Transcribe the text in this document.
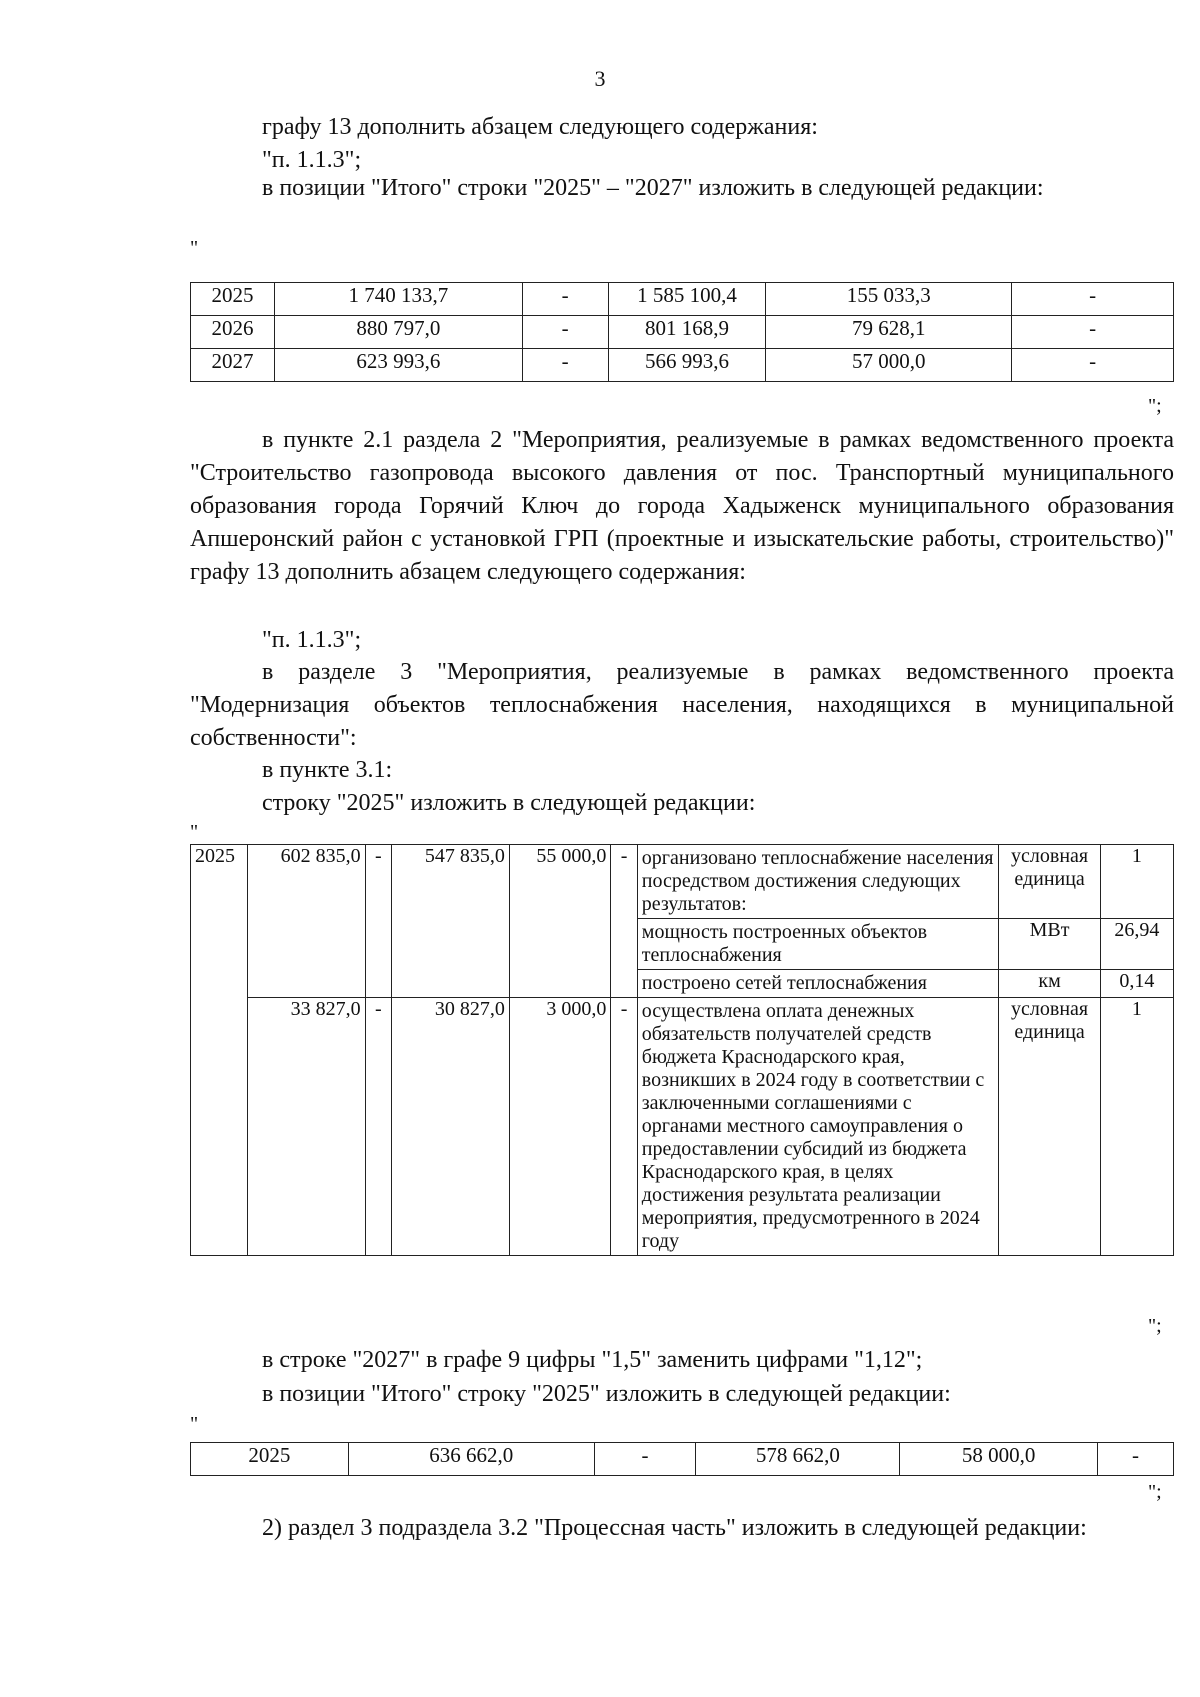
3
графу 13 дополнить абзацем следующего содержания:
"п. 1.1.3";
в позиции "Итого" строки "2025" – "2027" изложить в следующей редакции:
"
2025	1 740 133,7	-	1 585 100,4	155 033,3	-
2026	880 797,0	-	801 168,9	79 628,1	-
2027	623 993,6	-	566 993,6	57 000,0	-
";
в пункте 2.1 раздела 2 "Мероприятия, реализуемые в рамках ведомственного проекта "Строительство газопровода высокого давления от пос. Транспортный муниципального образования города Горячий Ключ до города Хадыженск муниципального образования Апшеронский район с установкой ГРП (проектные и изыскательские работы, строительство)" графу 13 дополнить абзацем следующего содержания:
"п. 1.1.3";
в разделе 3 "Мероприятия, реализуемые в рамках ведомственного проекта "Модернизация объектов теплоснабжения населения, находящихся в муниципальной собственности":
в пункте 3.1:
строку "2025" изложить в следующей редакции:
"
2025	602 835,0	-	547 835,0	55 000,0	-	организовано теплоснабжение населения посредством достижения следующих результатов:	условная единица	1
						мощность построенных объектов теплоснабжения	МВт	26,94
						построено сетей теплоснабжения	км	0,14
	33 827,0	-	30 827,0	3 000,0	-	осуществлена оплата денежных обязательств получателей средств бюджета Краснодарского края, возникших в 2024 году в соответствии с заключенными соглашениями с органами местного самоуправления о предоставлении субсидий из бюджета Краснодарского края, в целях достижения результата реализации мероприятия, предусмотренного в 2024 году	условная единица	1
";
в строке "2027" в графе 9 цифры "1,5" заменить цифрами "1,12";
в позиции "Итого" строку "2025" изложить в следующей редакции:
"
2025	636 662,0	-	578 662,0	58 000,0	-
";
2) раздел 3 подраздела 3.2 "Процессная часть" изложить в следующей редакции:
